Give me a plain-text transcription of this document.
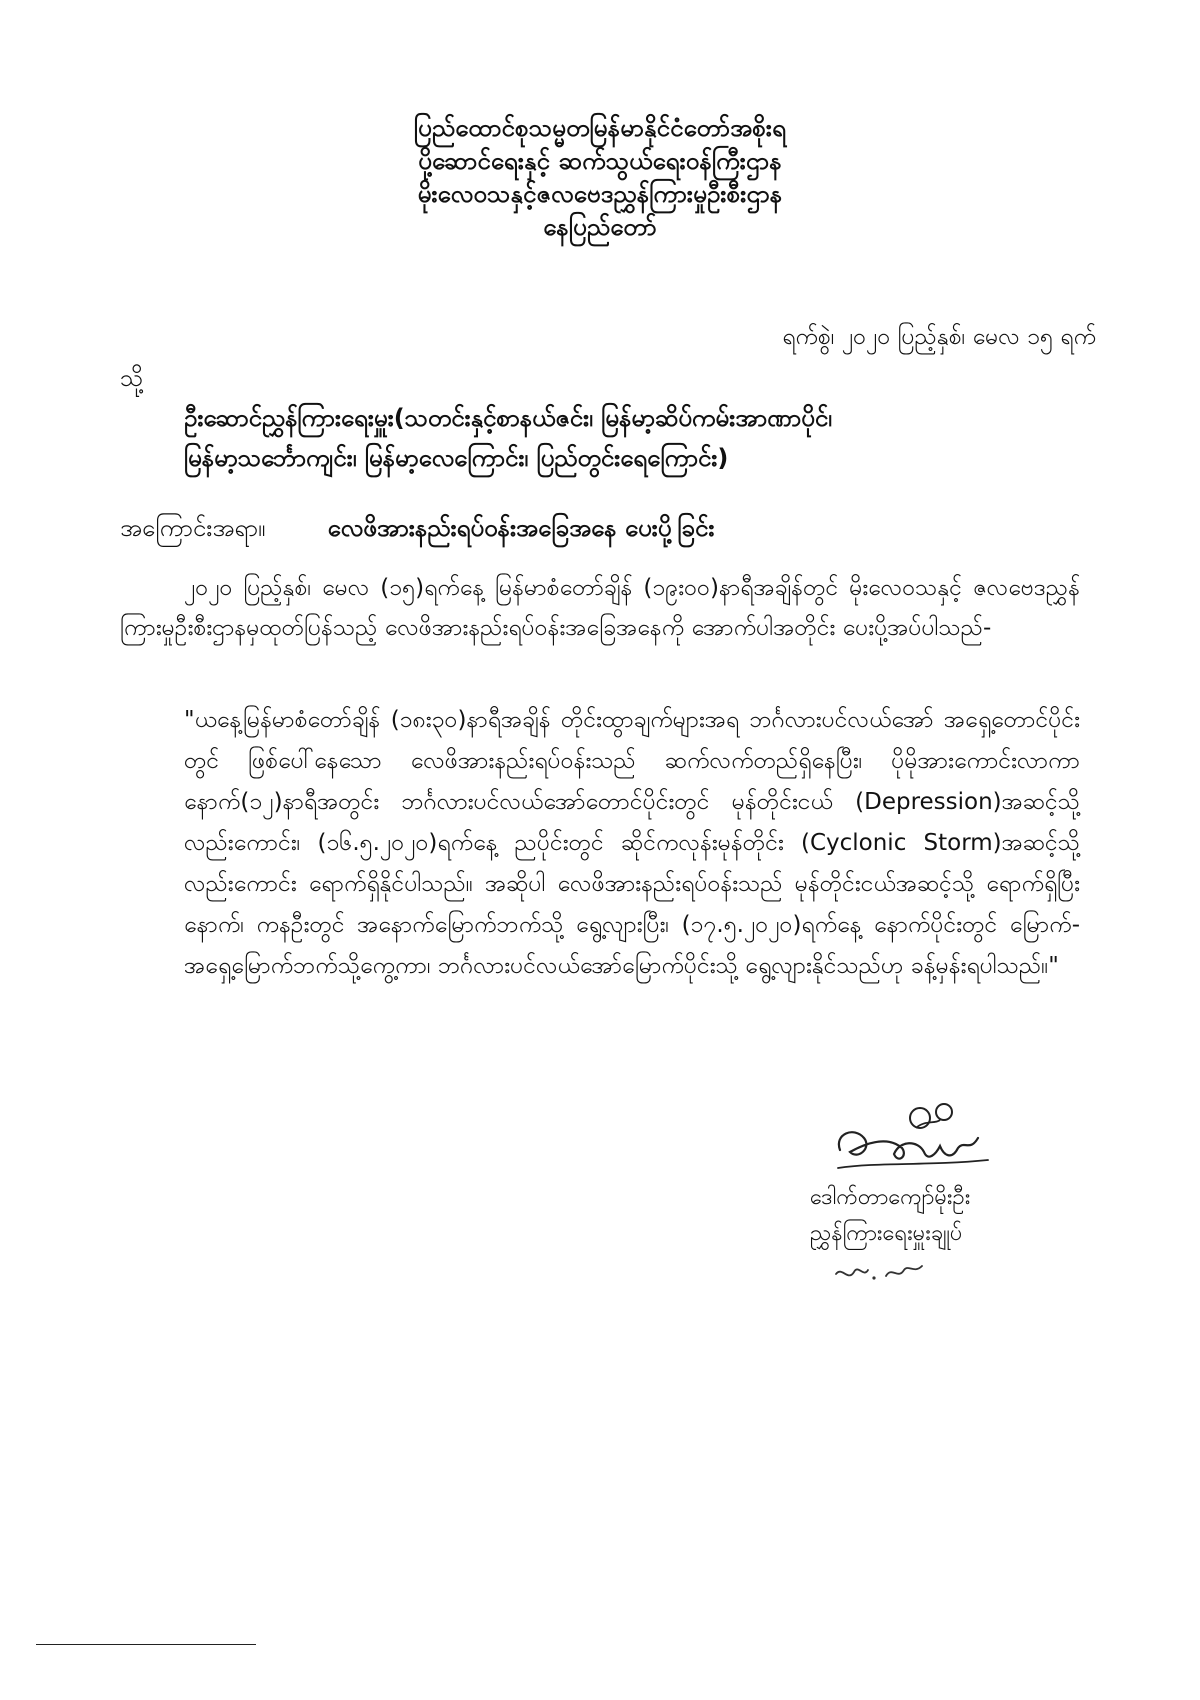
ပြည်ထောင်စုသမ္မတမြန်မာနိုင်ငံတော်အစိုးရ
ပို့ဆောင်ရေးနှင့် ဆက်သွယ်ရေးဝန်ကြီးဌာန
မိုးလေဝသနှင့်ဇလဗေဒညွှန်ကြားမှုဦးစီးဌာန
နေပြည်တော်
ရက်စွဲ၊ ၂၀၂၀ ပြည့်နှစ်၊ မေလ ၁၅ ရက်
သို့
ဦးဆောင်ညွှန်ကြားရေးမှူး(သတင်းနှင့်စာနယ်ဇင်း၊ မြန်မာ့ဆိပ်ကမ်းအာဏာပိုင်၊
မြန်မာ့သင်္ဘောကျင်း၊ မြန်မာ့လေကြောင်း၊ ပြည်တွင်းရေကြောင်း)
အကြောင်းအရာ။	လေဖိအားနည်းရပ်ဝန်းအခြေအနေ ပေးပို့ခြင်း
၂၀၂၀ ပြည့်နှစ်၊ မေလ (၁၅)ရက်နေ့ မြန်မာစံတော်ချိန် (၁၉း၀၀)နာရီအချိန်တွင် မိုးလေဝသနှင့် ဇလဗေဒညွှန်ကြားမှုဦးစီးဌာနမှထုတ်ပြန်သည့် လေဖိအားနည်းရပ်ဝန်းအခြေအနေကို အောက်ပါအတိုင်း ပေးပို့အပ်ပါသည်-
"ယနေ့မြန်မာစံတော်ချိန် (၁၈း၃၀)နာရီအချိန် တိုင်းထွာချက်များအရ ဘင်္ဂလားပင်လယ်အော် အရှေ့တောင်ပိုင်းတွင် ဖြစ်ပေါ်နေသော လေဖိအားနည်းရပ်ဝန်းသည် ဆက်လက်တည်ရှိနေပြီး၊ ပိုမိုအားကောင်းလာကာ နောက်(၁၂)နာရီအတွင်း ဘင်္ဂလားပင်လယ်အော်တောင်ပိုင်းတွင် မုန်တိုင်းငယ် (Depression)အဆင့်သို့ လည်းကောင်း၊ (၁၆.၅.၂၀၂၀)ရက်နေ့ ညပိုင်းတွင် ဆိုင်ကလုန်းမုန်တိုင်း (Cyclonic Storm)အဆင့်သို့ လည်းကောင်း ရောက်ရှိနိုင်ပါသည်။ အဆိုပါ လေဖိအားနည်းရပ်ဝန်းသည် မုန်တိုင်းငယ်အဆင့်သို့ ရောက်ရှိပြီးနောက်၊ ကနဦးတွင် အနောက်မြောက်ဘက်သို့ ရွေ့လျားပြီး၊ (၁၇.၅.၂၀၂၀)ရက်နေ့ နောက်ပိုင်းတွင် မြောက်-အရှေ့မြောက်ဘက်သို့ကွေ့ကာ၊ ဘင်္ဂလားပင်လယ်အော်မြောက်ပိုင်းသို့ ရွေ့လျားနိုင်သည်ဟု ခန့်မှန်းရပါသည်။"
ဒေါက်တာကျော်မိုးဦး
ညွှန်ကြားရေးမှူးချုပ်
